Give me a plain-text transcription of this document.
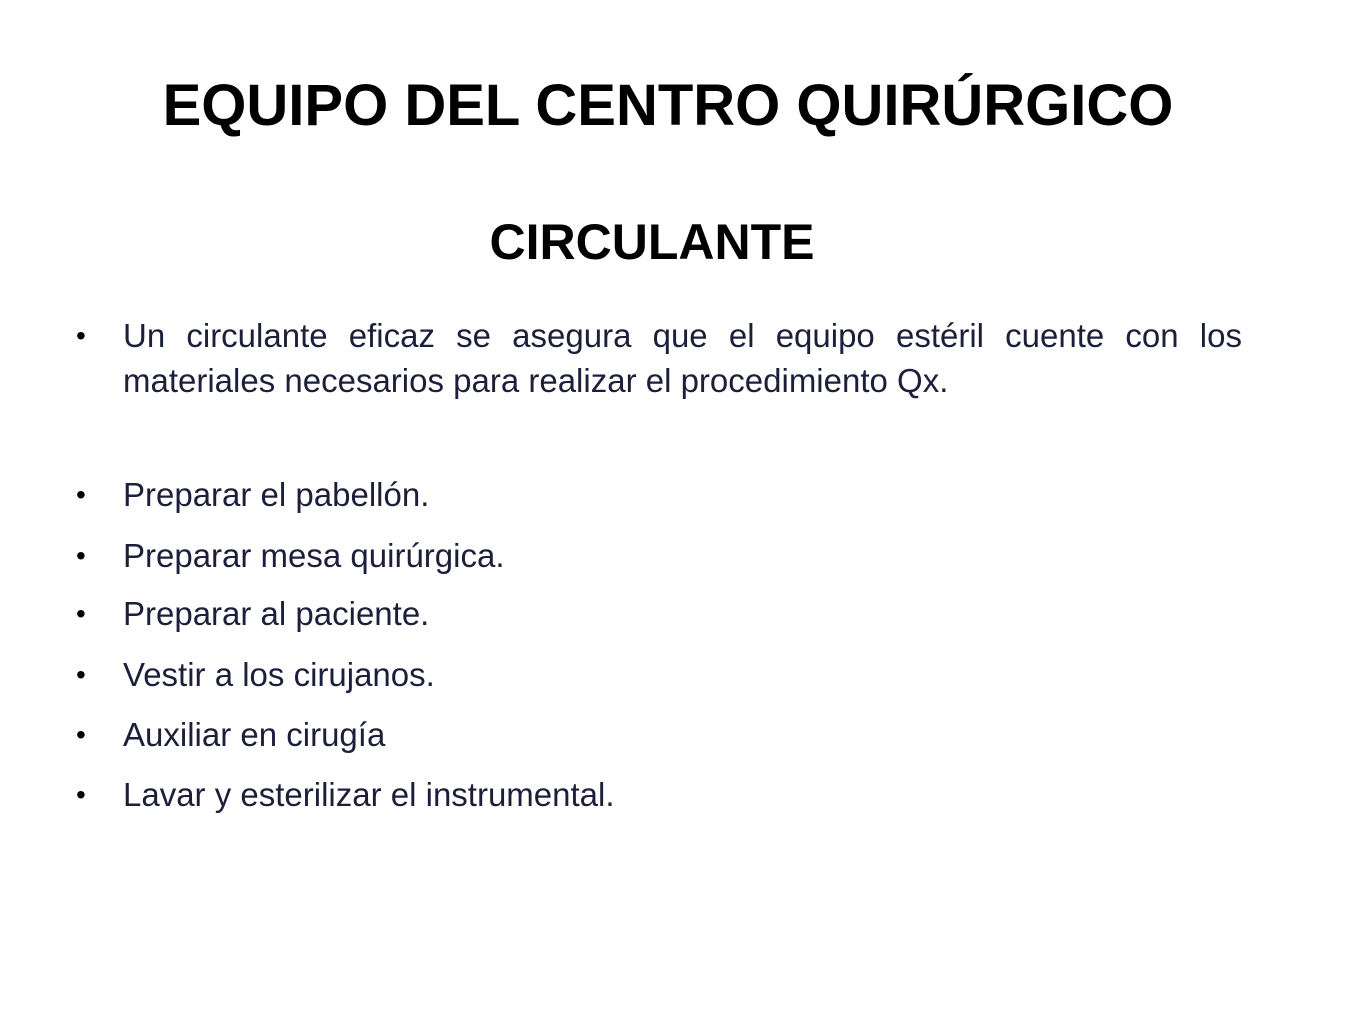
EQUIPO DEL CENTRO QUIRÚRGICO
CIRCULANTE
•	Un circulante eficaz se asegura que el equipo estéril cuente con los materiales necesarios para realizar el procedimiento Qx.
•	Preparar el pabellón.
•	Preparar mesa quirúrgica.
•	Preparar al paciente.
•	Vestir a los cirujanos.
•	Auxiliar en cirugía
•	Lavar y esterilizar el instrumental.
